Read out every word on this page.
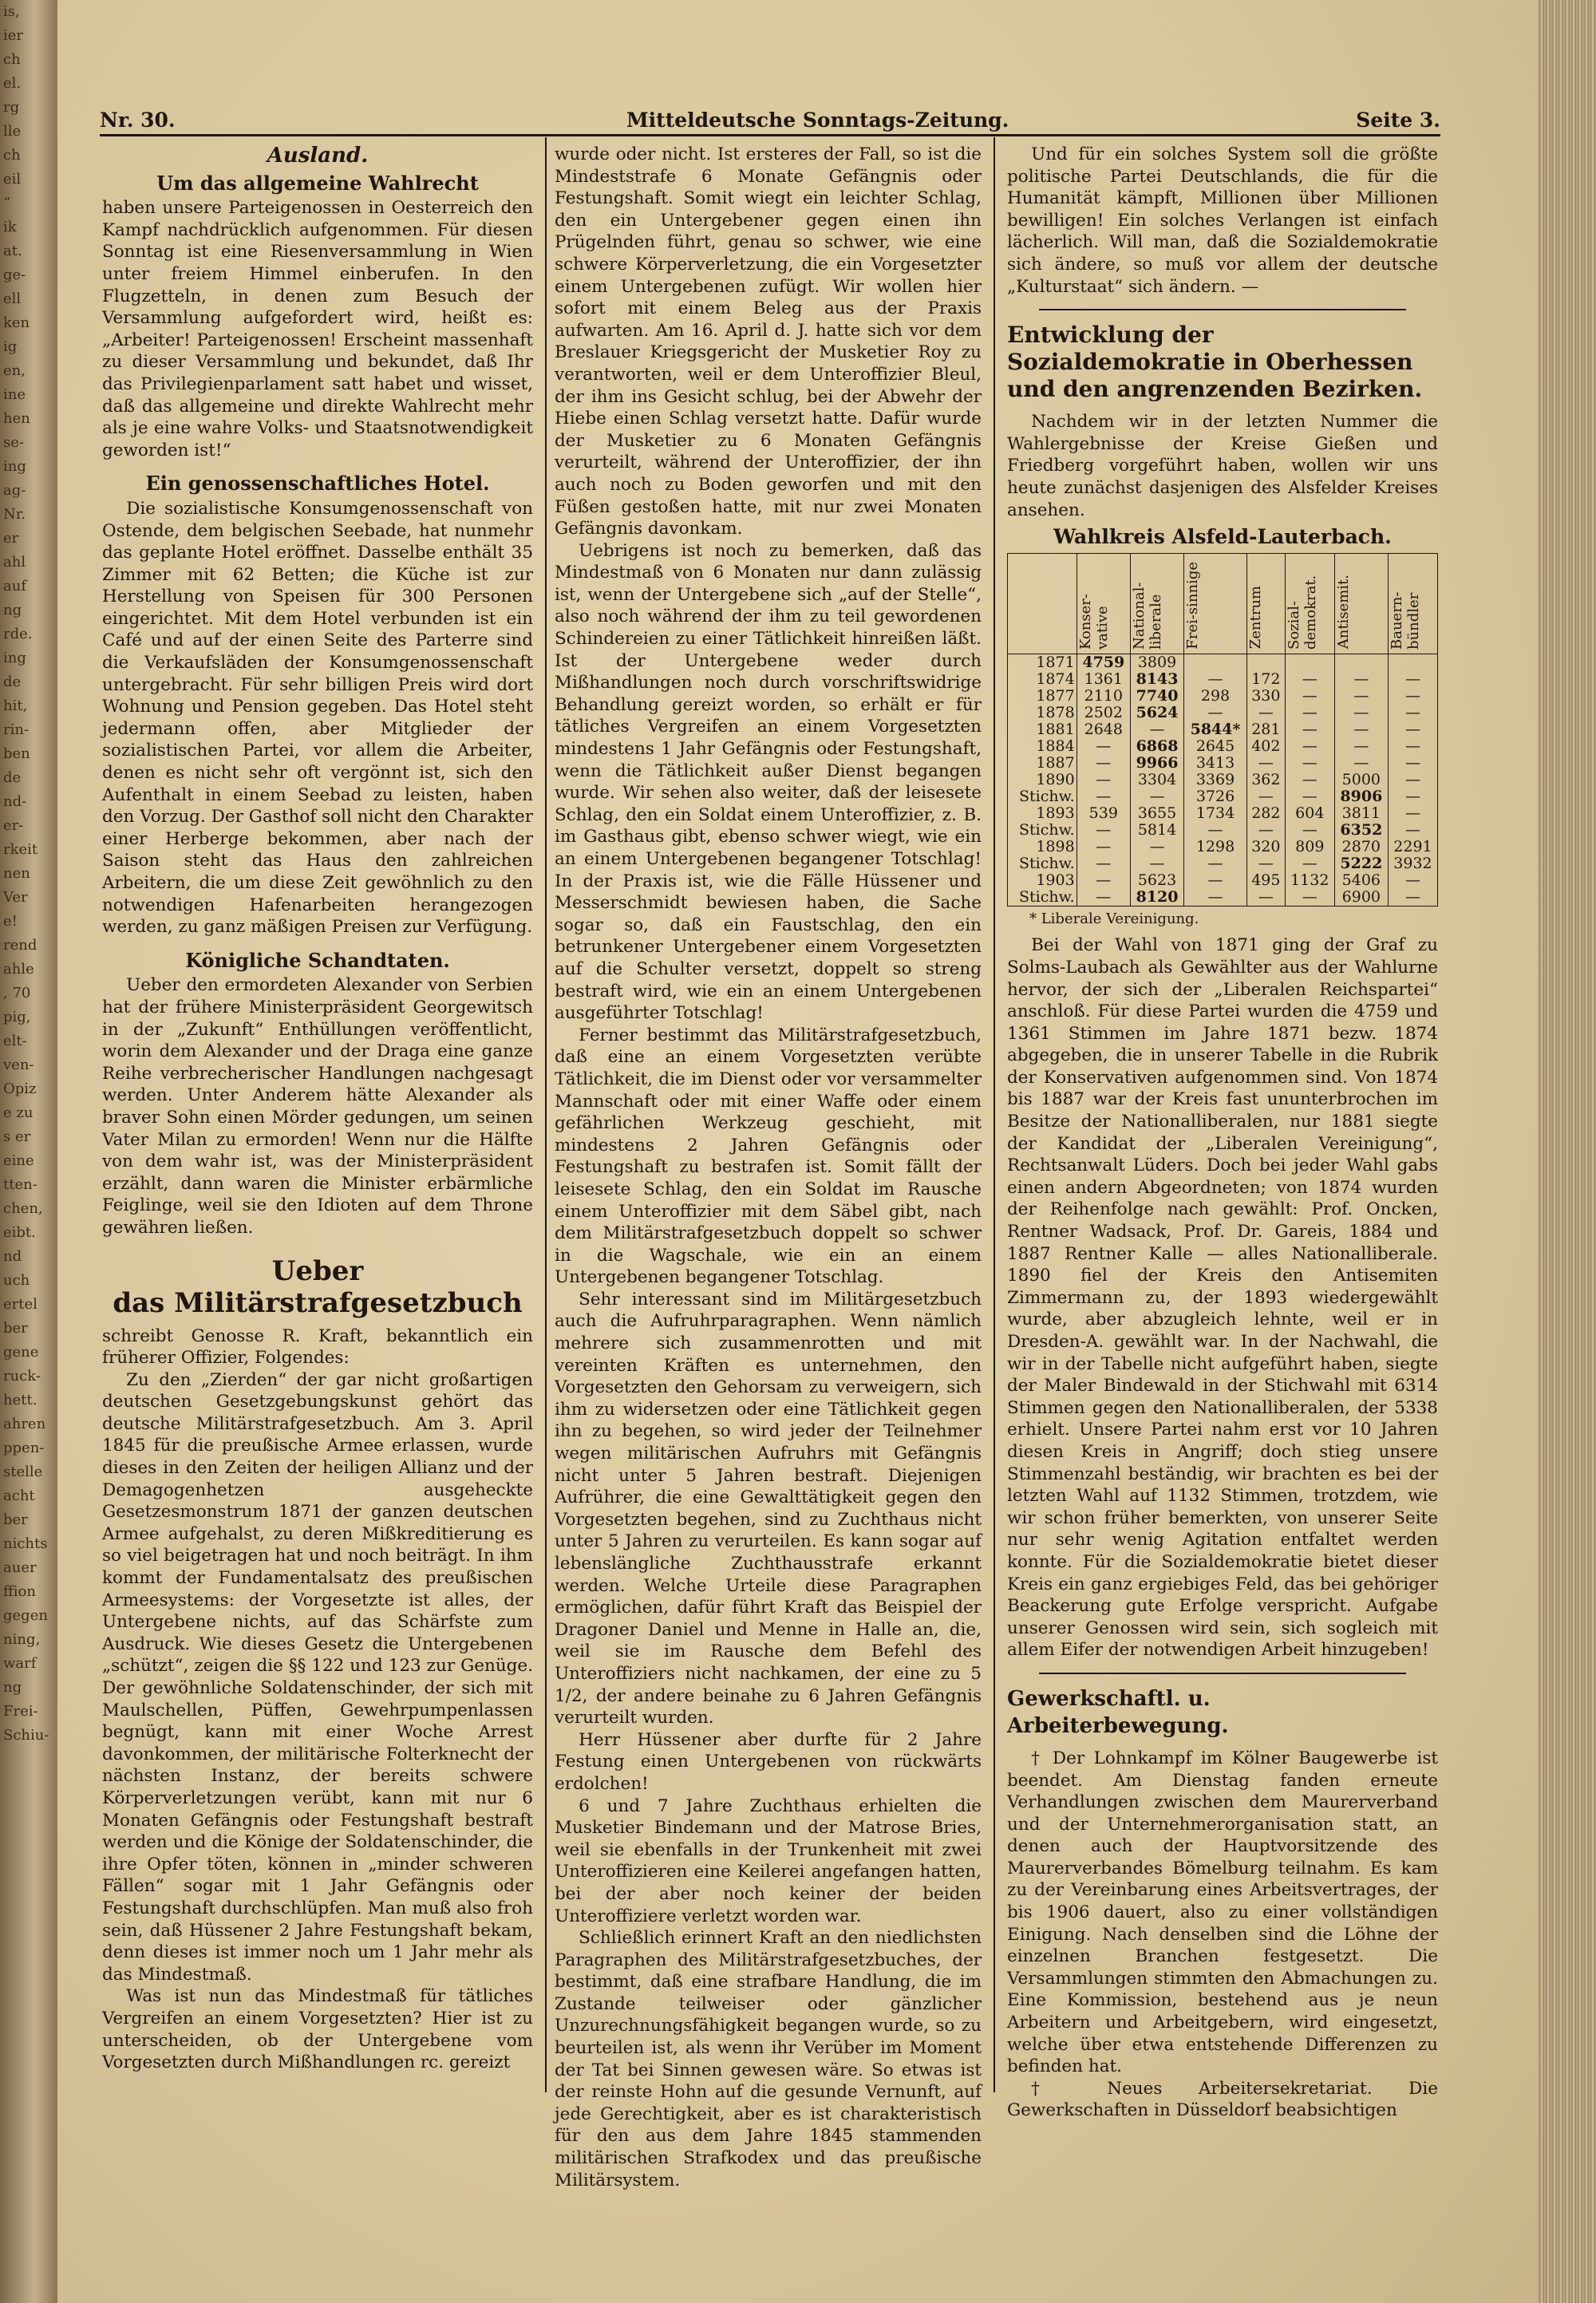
is,
ier
ch
el.
rg
lle
ch
eil
“
ik
at.
ge-
ell
ken
ig
en,
ine
hen
se-
ing
ag-
Nr.
er
ahl
auf
ng
rde.
ing
de
hit,
rin-
ben
de
nd-
er-
rkeit
nen
Ver
e!
rend
ahle
, 70
pig,
elt-
ven-
Opiz
e zu
s er
eine
tten-
chen,
eibt.
nd
uch
ertel
ber
gene
ruck-
hett.
ahren
ppen-
stelle
acht
ber
nichts
auer
ffion
gegen
ning,
warf
ng
Frei-
Schiu-
Nr. 30.	Mitteldeutsche Sonntags-Zeitung.	Seite 3.
Ausland.
Um das allgemeine Wahlrecht

haben unsere Parteigenossen in Oesterreich den Kampf nachdrücklich aufgenommen. Für diesen Sonntag ist eine Riesenversammlung in Wien unter freiem Himmel einberufen. In den Flugzetteln, in denen zum Besuch der Versammlung aufgefordert wird, heißt es: „Arbeiter! Parteigenossen! Erscheint massenhaft zu dieser Versammlung und bekundet, daß Ihr das Privilegienparlament satt habet und wisset, daß das allgemeine und direkte Wahlrecht mehr als je eine wahre Volks- und Staatsnotwendigkeit geworden ist!“

Ein genossenschaftliches Hotel.

Die sozialistische Konsumgenossenschaft von Ostende, dem belgischen Seebade, hat nunmehr das geplante Hotel eröffnet. Dasselbe enthält 35 Zimmer mit 62 Betten; die Küche ist zur Herstellung von Speisen für 300 Personen eingerichtet. Mit dem Hotel verbunden ist ein Café und auf der einen Seite des Parterre sind die Verkaufsläden der Konsumgenossenschaft untergebracht. Für sehr billigen Preis wird dort Wohnung und Pension gegeben. Das Hotel steht jedermann offen, aber Mitglieder der sozialistischen Partei, vor allem die Arbeiter, denen es nicht sehr oft vergönnt ist, sich den Aufenthalt in einem Seebad zu leisten, haben den Vorzug. Der Gasthof soll nicht den Charakter einer Herberge bekommen, aber nach der Saison steht das Haus den zahlreichen Arbeitern, die um diese Zeit gewöhnlich zu den notwendigen Hafenarbeiten herangezogen werden, zu ganz mäßigen Preisen zur Verfügung.

Königliche Schandtaten.

Ueber den ermordeten Alexander von Serbien hat der frühere Ministerpräsident Georgewitsch in der „Zukunft“ Enthüllungen veröffentlicht, worin dem Alexander und der Draga eine ganze Reihe verbrecherischer Handlungen nachgesagt werden. Unter Anderem hätte Alexander als braver Sohn einen Mörder gedungen, um seinen Vater Milan zu ermorden! Wenn nur die Hälfte von dem wahr ist, was der Ministerpräsident erzählt, dann waren die Minister erbärmliche Feiglinge, weil sie den Idioten auf dem Throne gewähren ließen.

Ueber
das Militärstrafgesetzbuch

schreibt Genosse R. Kraft, bekanntlich ein früherer Offizier, Folgendes:

Zu den „Zierden“ der gar nicht großartigen deutschen Gesetzgebungskunst gehört das deutsche Militärstrafgesetzbuch. Am 3. April 1845 für die preußische Armee erlassen, wurde dieses in den Zeiten der heiligen Allianz und der Demagogenhetzen ausgeheckte Gesetzesmonstrum 1871 der ganzen deutschen Armee aufgehalst, zu deren Mißkreditierung es so viel beigetragen hat und noch beiträgt. In ihm kommt der Fundamentalsatz des preußischen Armeesystems: der Vorgesetzte ist alles, der Untergebene nichts, auf das Schärfste zum Ausdruck. Wie dieses Gesetz die Untergebenen „schützt“, zeigen die §§ 122 und 123 zur Genüge. Der gewöhnliche Soldatenschinder, der sich mit Maulschellen, Püffen, Gewehrpumpenlassen begnügt, kann mit einer Woche Arrest davonkommen, der militärische Folterknecht der nächsten Instanz, der bereits schwere Körperverletzungen verübt, kann mit nur 6 Monaten Gefängnis oder Festungshaft bestraft werden und die Könige der Soldatenschinder, die ihre Opfer töten, können in „minder schweren Fällen“ sogar mit 1 Jahr Gefängnis oder Festungshaft durchschlüpfen. Man muß also froh sein, daß Hüssener 2 Jahre Festungshaft bekam, denn dieses ist immer noch um 1 Jahr mehr als das Mindestmaß.

Was ist nun das Mindestmaß für tätliches Vergreifen an einem Vorgesetzten? Hier ist zu unterscheiden, ob der Untergebene vom Vorgesetzten durch Mißhandlungen rc. gereizt

wurde oder nicht. Ist ersteres der Fall, so ist die Mindeststrafe 6 Monate Gefängnis oder Festungshaft. Somit wiegt ein leichter Schlag, den ein Untergebener gegen einen ihn Prügelnden führt, genau so schwer, wie eine schwere Körperverletzung, die ein Vorgesetzter einem Untergebenen zufügt. Wir wollen hier sofort mit einem Beleg aus der Praxis aufwarten. Am 16. April d. J. hatte sich vor dem Breslauer Kriegsgericht der Musketier Roy zu verantworten, weil er dem Unteroffizier Bleul, der ihm ins Gesicht schlug, bei der Abwehr der Hiebe einen Schlag versetzt hatte. Dafür wurde der Musketier zu 6 Monaten Gefängnis verurteilt, während der Unteroffizier, der ihn auch noch zu Boden geworfen und mit den Füßen gestoßen hatte, mit nur zwei Monaten Gefängnis davonkam.

Uebrigens ist noch zu bemerken, daß das Mindestmaß von 6 Monaten nur dann zulässig ist, wenn der Untergebene sich „auf der Stelle“, also noch während der ihm zu teil gewordenen Schindereien zu einer Tätlichkeit hinreißen läßt. Ist der Untergebene weder durch Mißhandlungen noch durch vorschriftswidrige Behandlung gereizt worden, so erhält er für tätliches Vergreifen an einem Vorgesetzten mindestens 1 Jahr Gefängnis oder Festungshaft, wenn die Tätlichkeit außer Dienst begangen wurde. Wir sehen also weiter, daß der leisesete Schlag, den ein Soldat einem Unteroffizier, z. B. im Gasthaus gibt, ebenso schwer wiegt, wie ein an einem Untergebenen begangener Totschlag! In der Praxis ist, wie die Fälle Hüssener und Messerschmidt bewiesen haben, die Sache sogar so, daß ein Faustschlag, den ein betrunkener Untergebener einem Vorgesetzten auf die Schulter versetzt, doppelt so streng bestraft wird, wie ein an einem Untergebenen ausgeführter Totschlag!

Ferner bestimmt das Militärstrafgesetzbuch, daß eine an einem Vorgesetzten verübte Tätlichkeit, die im Dienst oder vor versammelter Mannschaft oder mit einer Waffe oder einem gefährlichen Werkzeug geschieht, mit mindestens 2 Jahren Gefängnis oder Festungshaft zu bestrafen ist. Somit fällt der leisesete Schlag, den ein Soldat im Rausche einem Unteroffizier mit dem Säbel gibt, nach dem Militärstrafgesetzbuch doppelt so schwer in die Wagschale, wie ein an einem Untergebenen begangener Totschlag.

Sehr interessant sind im Militärgesetzbuch auch die Aufruhrparagraphen. Wenn nämlich mehrere sich zusammenrotten und mit vereinten Kräften es unternehmen, den Vorgesetzten den Gehorsam zu verweigern, sich ihm zu widersetzen oder eine Tätlichkeit gegen ihn zu begehen, so wird jeder der Teilnehmer wegen militärischen Aufruhrs mit Gefängnis nicht unter 5 Jahren bestraft. Diejenigen Aufrührer, die eine Gewalttätigkeit gegen den Vorgesetzten begehen, sind zu Zuchthaus nicht unter 5 Jahren zu verurteilen. Es kann sogar auf lebenslängliche Zuchthausstrafe erkannt werden. Welche Urteile diese Paragraphen ermöglichen, dafür führt Kraft das Beispiel der Dragoner Daniel und Menne in Halle an, die, weil sie im Rausche dem Befehl des Unteroffiziers nicht nachkamen, der eine zu 5 1/2, der andere beinahe zu 6 Jahren Gefängnis verurteilt wurden.

Herr Hüssener aber durfte für 2 Jahre Festung einen Untergebenen von rückwärts erdolchen!

6 und 7 Jahre Zuchthaus erhielten die Musketier Bindemann und der Matrose Bries, weil sie ebenfalls in der Trunkenheit mit zwei Unteroffizieren eine Keilerei angefangen hatten, bei der aber noch keiner der beiden Unteroffiziere verletzt worden war.

Schließlich erinnert Kraft an den niedlichsten Paragraphen des Militärstrafgesetzbuches, der bestimmt, daß eine strafbare Handlung, die im Zustande teilweiser oder gänzlicher Unzurechnungsfähigkeit begangen wurde, so zu beurteilen ist, als wenn ihr Verüber im Moment der Tat bei Sinnen gewesen wäre. So etwas ist der reinste Hohn auf die gesunde Vernunft, auf jede Gerechtigkeit, aber es ist charakteristisch für den aus dem Jahre 1845 stammenden militärischen Strafkodex und das preußische Militärsystem.

Und für ein solches System soll die größte politische Partei Deutschlands, die für die Humanität kämpft, Millionen über Millionen bewilligen! Ein solches Verlangen ist einfach lächerlich. Will man, daß die Sozialdemokratie sich ändere, so muß vor allem der deutsche „Kulturstaat“ sich ändern. —

Entwicklung der Sozialdemokratie in Oberhessen und den angrenzenden Bezirken.

Nachdem wir in der letzten Nummer die Wahlergebnisse der Kreise Gießen und Friedberg vorgeführt haben, wollen wir uns heute zunächst dasjenigen des Alsfelder Kreises ansehen.

Wahlkreis Alsfeld-Lauterbach.
	Konser-vative	National-liberale	Frei-sinnige	Zentrum	Sozial-demokrat.	Antisemit.	Bauern-bündler
1871	4759	3809					
1874	1361	8143	—	172	—	—	—
1877	2110	7740	298	330	—	—	—
1878	2502	5624	—	—	—	—	—
1881	2648	—	5844*	281	—	—	—
1884	—	6868	2645	402	—	—	—
1887	—	9966	3413	—	—	—	—
1890	—	3304	3369	362	—	5000	—
Stichw.	—	—	3726	—	—	8906	—
1893	539	3655	1734	282	604	3811	—
Stichw.	—	5814	—	—	—	6352	—
1898	—	—	1298	320	809	2870	2291
Stichw.	—	—	—	—	—	5222	3932
1903	—	5623	—	495	1132	5406	—
Stichw.	—	8120	—	—	—	6900	—
* Liberale Vereinigung.

Bei der Wahl von 1871 ging der Graf zu Solms-Laubach als Gewählter aus der Wahlurne hervor, der sich der „Liberalen Reichspartei“ anschloß. Für diese Partei wurden die 4759 und 1361 Stimmen im Jahre 1871 bezw. 1874 abgegeben, die in unserer Tabelle in die Rubrik der Konservativen aufgenommen sind. Von 1874 bis 1887 war der Kreis fast ununterbrochen im Besitze der Nationalliberalen, nur 1881 siegte der Kandidat der „Liberalen Vereinigung“, Rechtsanwalt Lüders. Doch bei jeder Wahl gabs einen andern Abgeordneten; von 1874 wurden der Reihenfolge nach gewählt: Prof. Oncken, Rentner Wadsack, Prof. Dr. Gareis, 1884 und 1887 Rentner Kalle — alles Nationalliberale. 1890 fiel der Kreis den Antisemiten Zimmermann zu, der 1893 wiedergewählt wurde, aber abzugleich lehnte, weil er in Dresden-A. gewählt war. In der Nachwahl, die wir in der Tabelle nicht aufgeführt haben, siegte der Maler Bindewald in der Stichwahl mit 6314 Stimmen gegen den Nationalliberalen, der 5338 erhielt. Unsere Partei nahm erst vor 10 Jahren diesen Kreis in Angriff; doch stieg unsere Stimmenzahl beständig, wir brachten es bei der letzten Wahl auf 1132 Stimmen, trotzdem, wie wir schon früher bemerkten, von unserer Seite nur sehr wenig Agitation entfaltet werden konnte. Für die Sozialdemokratie bietet dieser Kreis ein ganz ergiebiges Feld, das bei gehöriger Beackerung gute Erfolge verspricht. Aufgabe unserer Genossen wird sein, sich sogleich mit allem Eifer der notwendigen Arbeit hinzugeben!

Gewerkschaftl. u. Arbeiterbewegung.

† Der Lohnkampf im Kölner Baugewerbe ist beendet. Am Dienstag fanden erneute Verhandlungen zwischen dem Maurerverband und der Unternehmerorganisation statt, an denen auch der Hauptvorsitzende des Maurerverbandes Bömelburg teilnahm. Es kam zu der Vereinbarung eines Arbeitsvertrages, der bis 1906 dauert, also zu einer vollständigen Einigung. Nach denselben sind die Löhne der einzelnen Branchen festgesetzt. Die Versammlungen stimmten den Abmachungen zu. Eine Kommission, bestehend aus je neun Arbeitern und Arbeitgebern, wird eingesetzt, welche über etwa entstehende Differenzen zu befinden hat.

† Neues Arbeitersekretariat. Die Gewerkschaften in Düsseldorf beabsichtigen
